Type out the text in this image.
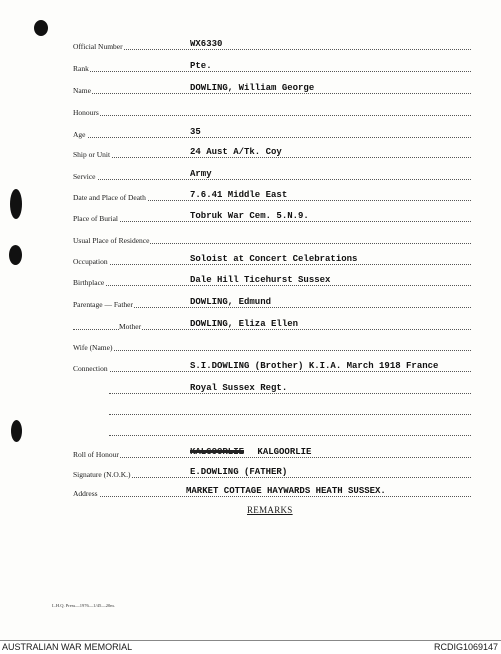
Official Number	WX6330
Rank	Pte.
Name	DOWLING, William George
Honours
Age	35
Ship or Unit	24 Aust A/Tk. Coy
Service	Army
Date and Place of Death	7.6.41 Middle East
Place of Burial	Tobruk War Cem. 5.N.9.
Usual Place of Residence
Occupation	Soloist at Concert Celebrations
Birthplace	Dale Hill Ticehurst Sussex
Parentage — Father	DOWLING, Edmund
Mother	DOWLING, Eliza Ellen
Wife (Name)
Connection	S.I.DOWLING (Brother) K.I.A. March 1918 France
Royal Sussex Regt.
Roll of Honour	KALGOORLIE KALGOORLIE
Signature (N.O.K.)	E.DOWLING (FATHER)
Address	MARKET COTTAGE HAYWARDS HEATH SUSSEX.
REMARKS
L.H.Q. Press—1976—1/45—20m.
AUSTRALIAN WAR MEMORIAL	RCDIG1069147
